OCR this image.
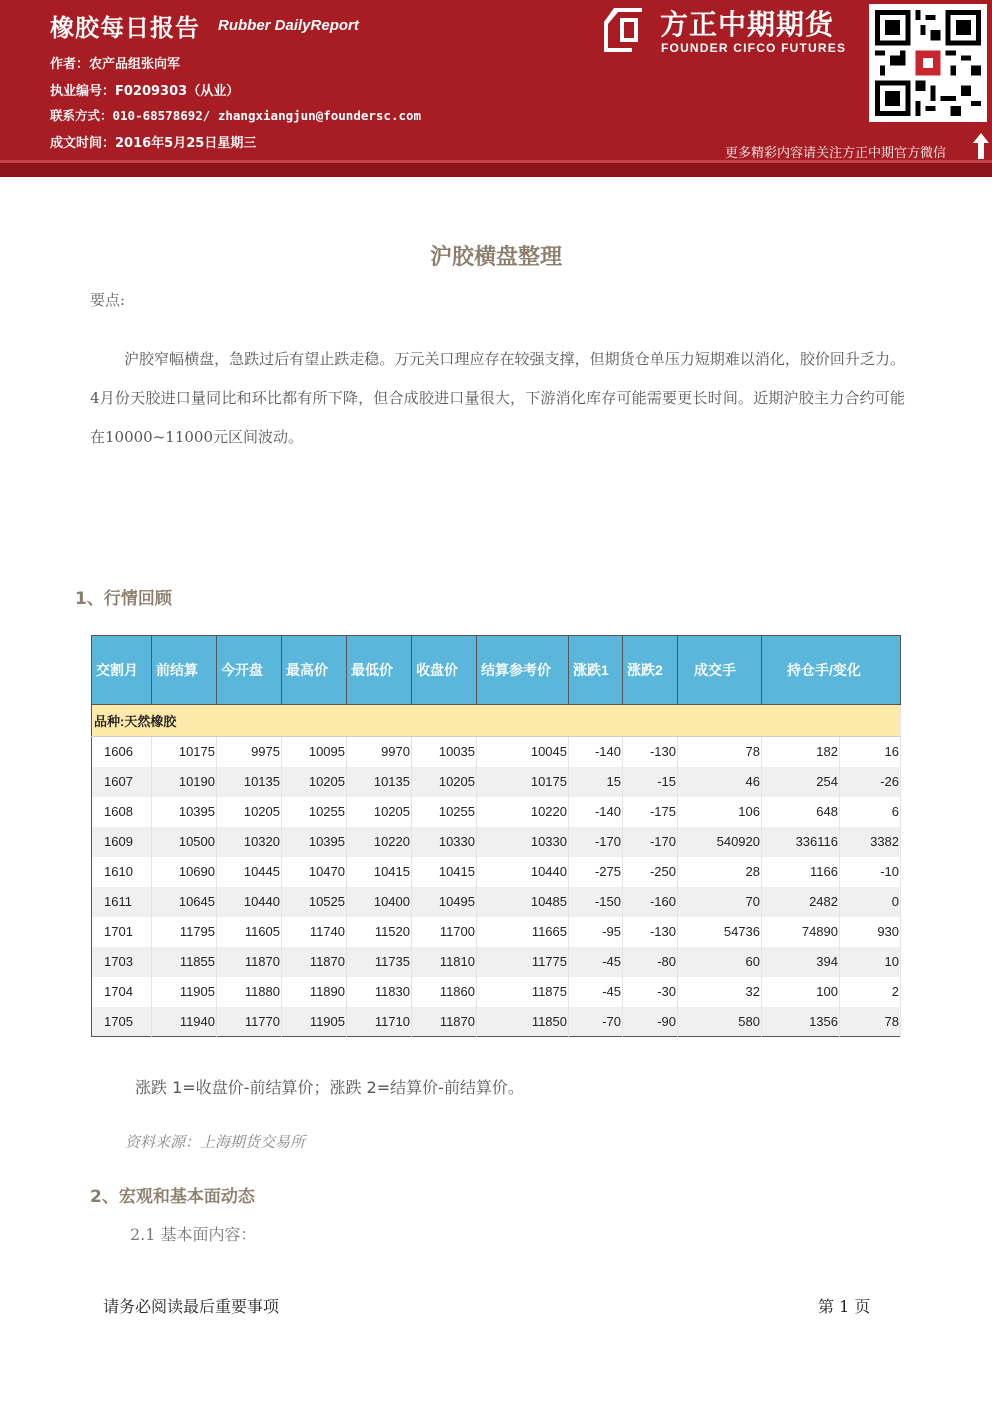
橡胶每日报告 Rubber DailyReport
作者：农产品组张向军
执业编号：F0209303（从业）
联系方式：010-68578692/ zhangxiangjun@foundersc.com
成文时间：2016年5月25日星期三
方正中期期货
FOUNDER CIFCO FUTURES
更多精彩内容请关注方正中期官方微信
沪胶横盘整理
要点:
沪胶窄幅横盘，急跌过后有望止跌走稳。万元关口理应存在较强支撑，但期货仓单压力短期难以消化，胶价回升乏力。4月份天胶进口量同比和环比都有所下降，但合成胶进口量很大，下游消化库存可能需要更长时间。近期沪胶主力合约可能在10000~11000元区间波动。
1、行情回顾
交割月	前结算	今开盘	最高价	最低价	收盘价	结算参考价	涨跌1	涨跌2	成交手	持仓手/变化	
品种:天然橡胶											
1606	10175	9975	10095	9970	10035	10045	-140	-130	78	182	16
1607	10190	10135	10205	10135	10205	10175	15	-15	46	254	-26
1608	10395	10205	10255	10205	10255	10220	-140	-175	106	648	6
1609	10500	10320	10395	10220	10330	10330	-170	-170	540920	336116	3382
1610	10690	10445	10470	10415	10415	10440	-275	-250	28	1166	-10
1611	10645	10440	10525	10400	10495	10485	-150	-160	70	2482	0
1701	11795	11605	11740	11520	11700	11665	-95	-130	54736	74890	930
1703	11855	11870	11870	11735	11810	11775	-45	-80	60	394	10
1704	11905	11880	11890	11830	11860	11875	-45	-30	32	100	2
1705	11940	11770	11905	11710	11870	11850	-70	-90	580	1356	78
涨跌 1=收盘价-前结算价；涨跌 2=结算价-前结算价。
资料来源：上海期货交易所
2、宏观和基本面动态
2.1 基本面内容：
请务必阅读最后重要事项	第 1 页
